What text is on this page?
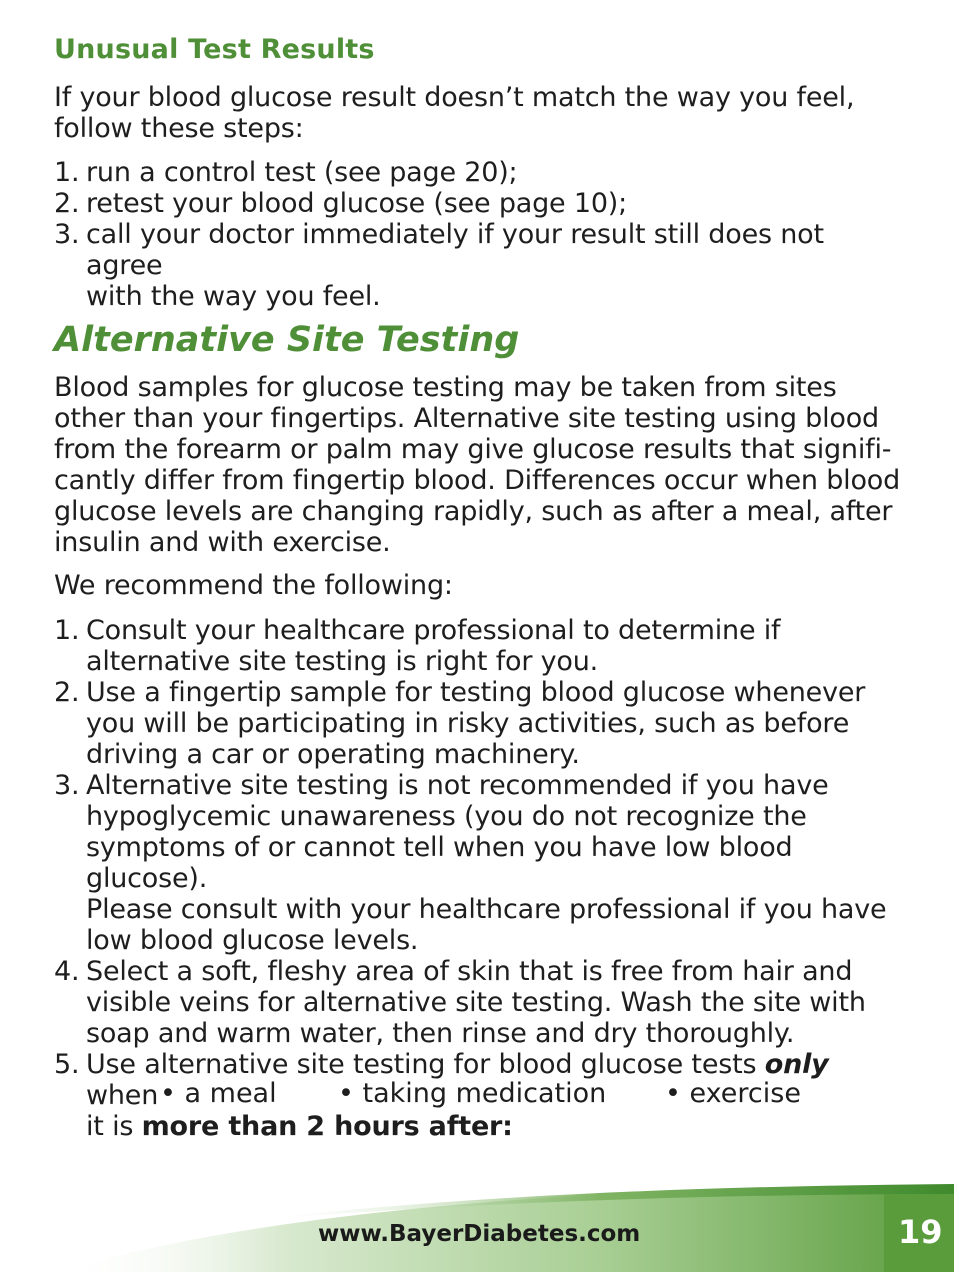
Unusual Test Results

If your blood glucose result doesn’t match the way you feel,
follow these steps:

1. run a control test (see page 20);
2. retest your blood glucose (see page 10);
3. call your doctor immediately if your result still does not agree
with the way you feel.
Alternative Site Testing

Blood samples for glucose testing may be taken from sites
other than your fingertips. Alternative site testing using blood
from the forearm or palm may give glucose results that signifi-
cantly differ from fingertip blood. Differences occur when blood
glucose levels are changing rapidly, such as after a meal, after
insulin and with exercise.

We recommend the following:

1. Consult your healthcare professional to determine if
alternative site testing is right for you.
2. Use a fingertip sample for testing blood glucose whenever
you will be participating in risky activities, such as before
driving a car or operating machinery.
3. Alternative site testing is not recommended if you have
hypoglycemic unawareness (you do not recognize the
symptoms of or cannot tell when you have low blood glucose).
Please consult with your healthcare professional if you have
low blood glucose levels.
4. Select a soft, fleshy area of skin that is free from hair and
visible veins for alternative site testing. Wash the site with
soap and warm water, then rinse and dry thoroughly.
5. Use alternative site testing for blood glucose tests only when
it is more than 2 hours after:
• a meal • taking medication • exercise
www.BayerDiabetes.com	19
